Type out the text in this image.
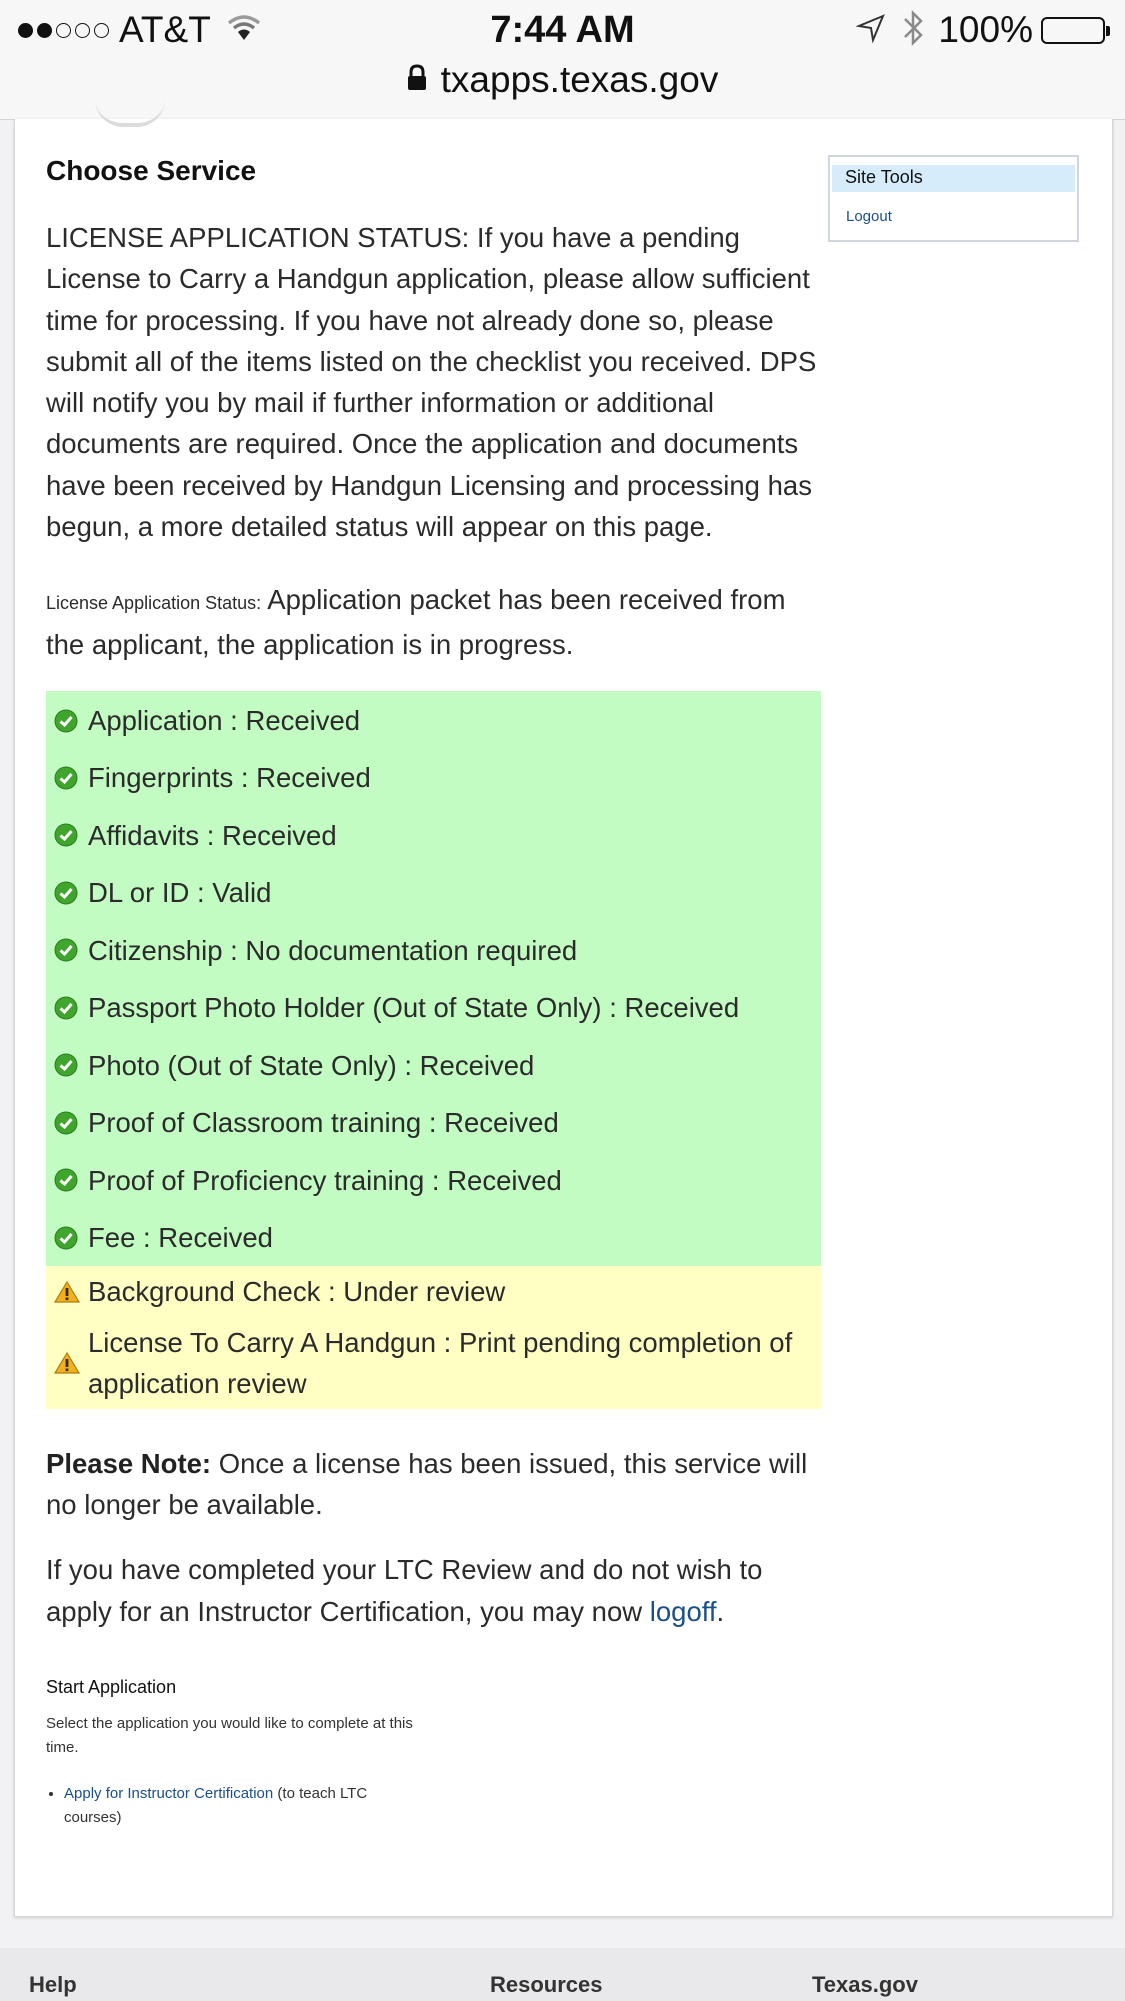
AT&T	7:44 AM	100%
txapps.texas.gov
Choose Service

LICENSE APPLICATION STATUS: If you have a pending License to Carry a Handgun application, please allow sufficient time for processing. If you have not already done so, please submit all of the items listed on the checklist you received. DPS will notify you by mail if further information or additional documents are required. Once the application and documents have been received by Handgun Licensing and processing has begun, a more detailed status will appear on this page.

License Application Status: Application packet has been received from the applicant, the application is in progress.

Application : Received
Fingerprints : Received
Affidavits : Received
DL or ID : Valid
Citizenship : No documentation required
Passport Photo Holder (Out of State Only) : Received
Photo (Out of State Only) : Received
Proof of Classroom training : Received
Proof of Proficiency training : Received
Fee : Received
Background Check : Under review
License To Carry A Handgun : Print pending completion of application review

Please Note: Once a license has been issued, this service will no longer be available.

If you have completed your LTC Review and do not wish to apply for an Instructor Certification, you may now logoff.

Start Application
Select the application you would like to complete at this time.
• Apply for Instructor Certification (to teach LTC courses)
Site Tools
Logout
Help	Resources	Texas.gov
